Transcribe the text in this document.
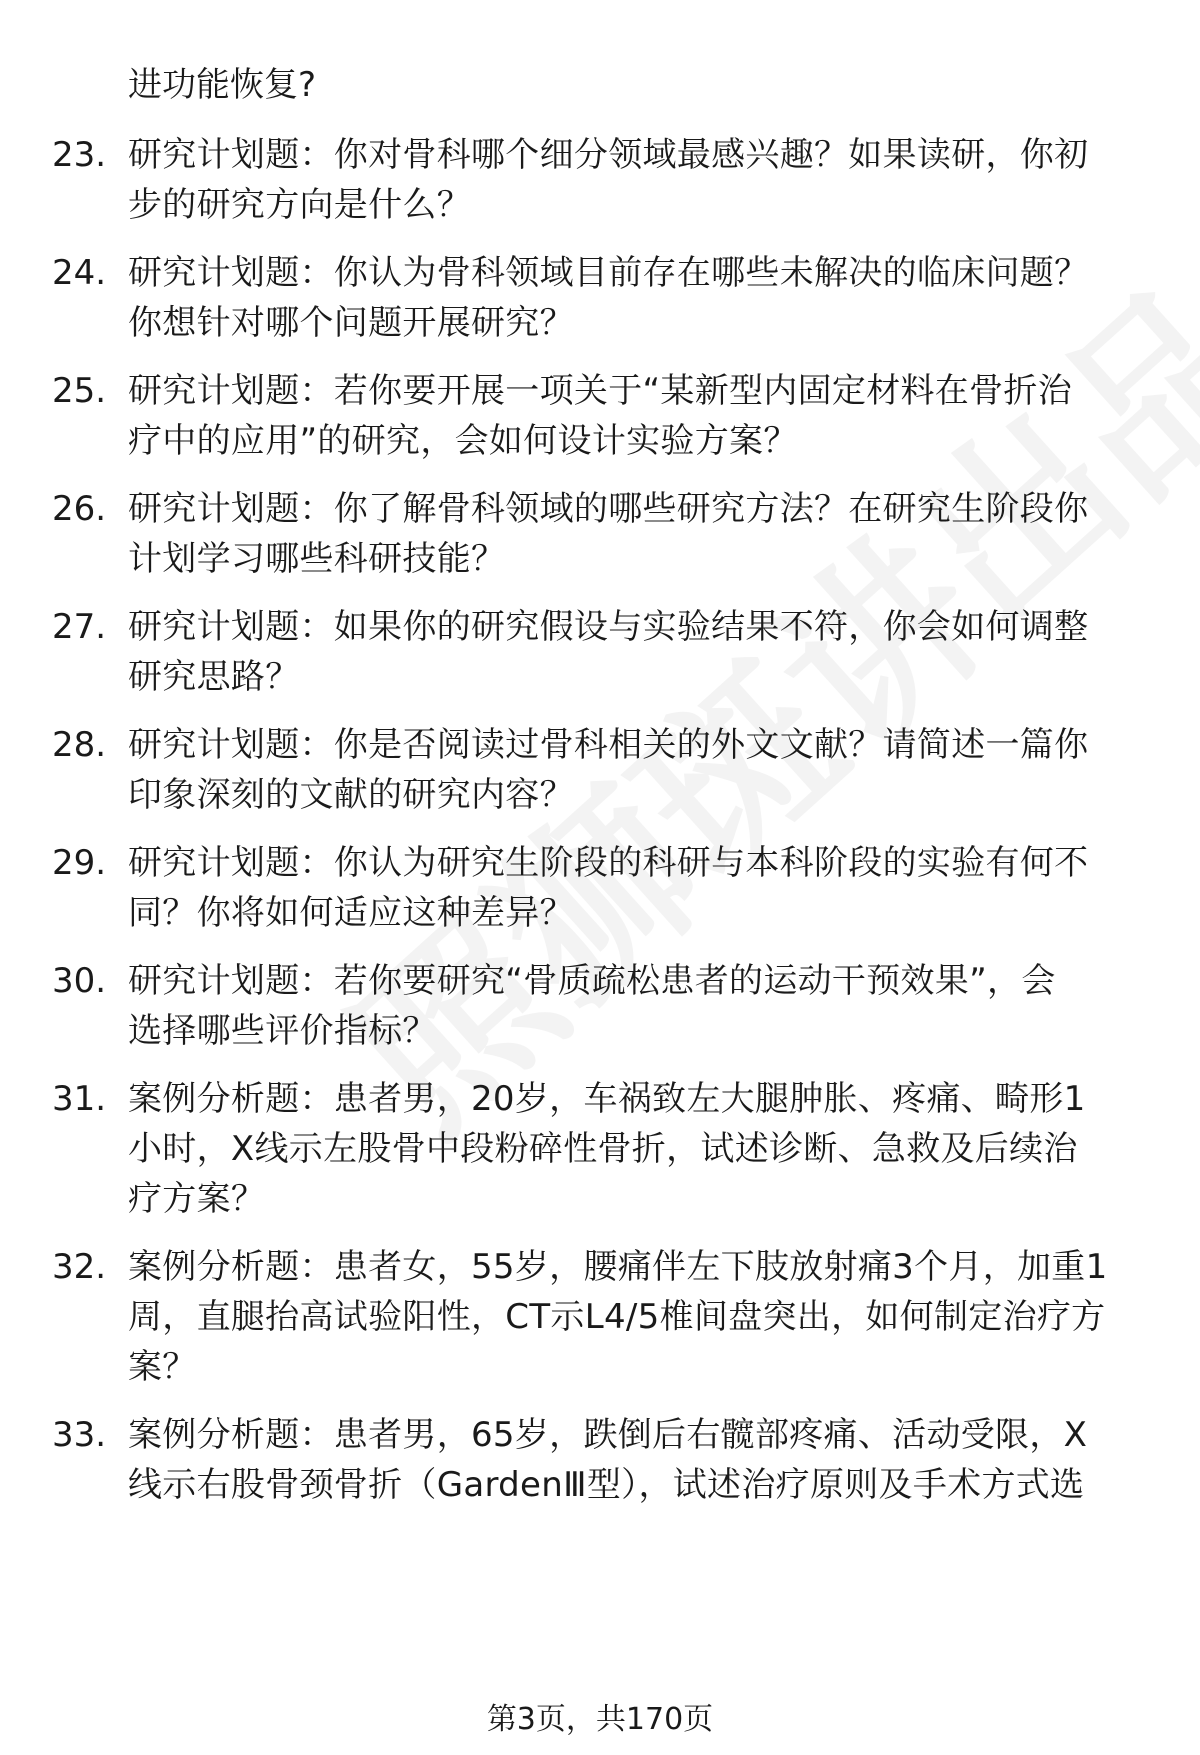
进功能恢复?
23. 研究计划题：你对骨科哪个细分领域最感兴趣？如果读研，你初
步的研究方向是什么？
24. 研究计划题：你认为骨科领域目前存在哪些未解决的临床问题？
你想针对哪个问题开展研究？
25. 研究计划题：若你要开展一项关于“某新型内固定材料在骨折治
疗中的应用”的研究，会如何设计实验方案？
26. 研究计划题：你了解骨科领域的哪些研究方法？在研究生阶段你
计划学习哪些科研技能？
27. 研究计划题：如果你的研究假设与实验结果不符，你会如何调整
研究思路？
28. 研究计划题：你是否阅读过骨科相关的外文文献？请简述一篇你
印象深刻的文献的研究内容？
29. 研究计划题：你认为研究生阶段的科研与本科阶段的实验有何不
同？你将如何适应这种差异？
30. 研究计划题：若你要研究“骨质疏松患者的运动干预效果”，会
选择哪些评价指标？
31. 案例分析题：患者男，20岁，车祸致左大腿肿胀、疼痛、畸形1
小时，X线示左股骨中段粉碎性骨折，试述诊断、急救及后续治
疗方案？
32. 案例分析题：患者女，55岁，腰痛伴左下肢放射痛3个月，加重1
周，直腿抬高试验阳性，CT示L4/5椎间盘突出，如何制定治疗方
案？
33. 案例分析题：患者男，65岁，跌倒后右髋部疼痛、活动受限，X
线示右股骨颈骨折（GardenⅢ型），试述治疗原则及手术方式选
第3页，共170页
